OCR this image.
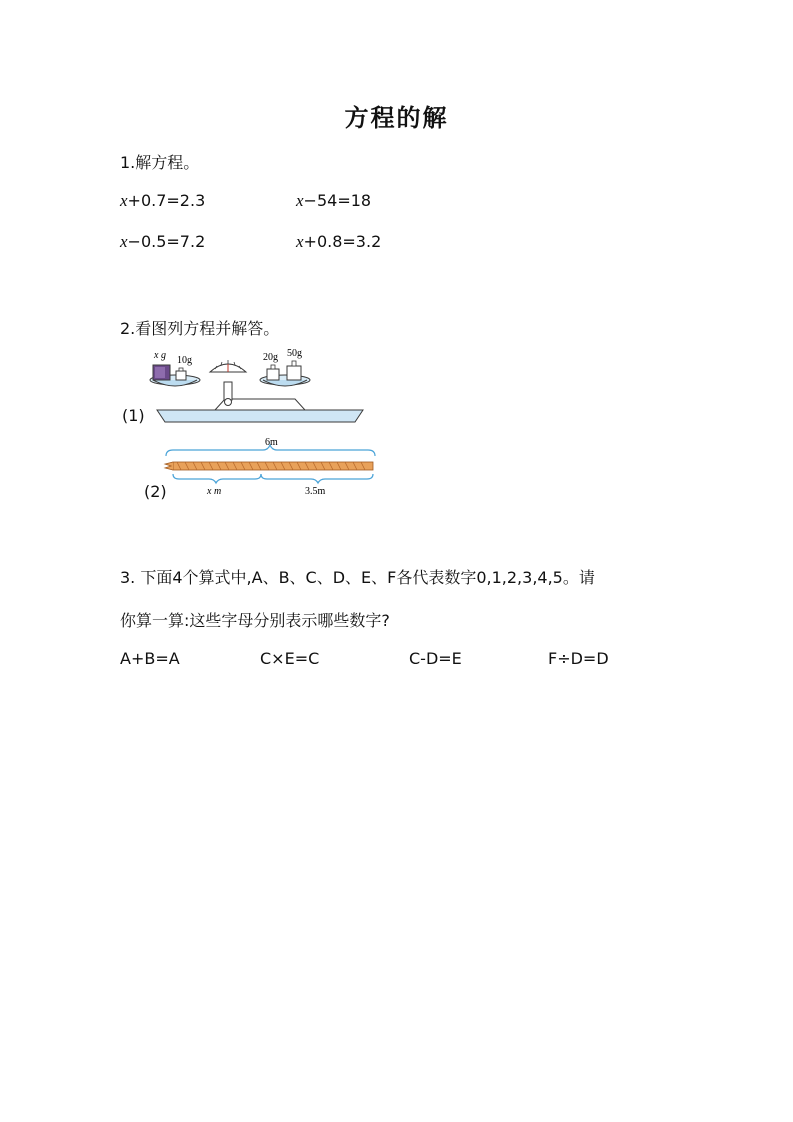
方程的解
1.解方程。
x+0.7=2.3	x−54=18
x−0.5=7.2	x+0.8=3.2
2.看图列方程并解答。
(1)
x g 10g	20g 50g
(2)
6m
x m	3.5m
3. 下面4个算式中,A、B、C、D、E、F各代表数字0,1,2,3,4,5。请
你算一算:这些字母分别表示哪些数字?
A+B=A	C×E=C	C-D=E	F÷D=D
